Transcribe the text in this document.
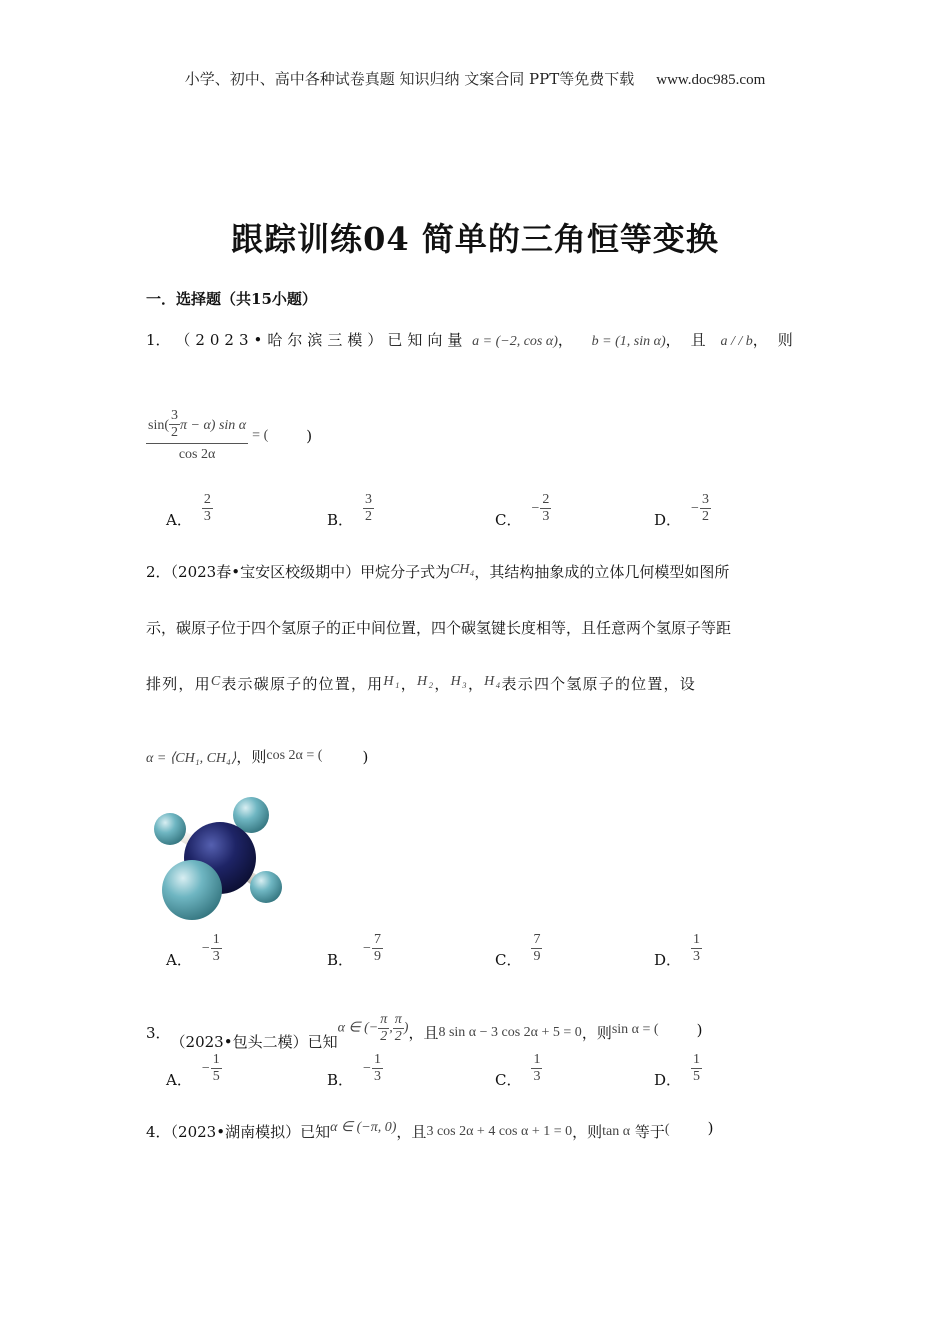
小学、初中、高中各种试卷真题 知识归纳 文案合同 PPT等免费下载 www.doc985.com
跟踪训练04 简单的三角恒等变换
一．选择题（共15小题）
1． （2023•哈尔滨三模）已知向量 a = (−2, cos α)， b = (1, sin α)，且 a / / b，则
$\frac{\sin( \frac{3}{2} \pi - \alpha) \sin \alpha}{\cos 2\alpha}$ = (	)
A． $\frac{2}{3}$	B． $\frac{3}{2}$	C．
− $\frac{2}{3}$	D．
− $\frac{3}{2}$
2．（2023春•宝安区校级期中）甲烷分子式为CH₄，其结构抽象成的立体几何模型如图所
示，碳原子位于四个氢原子的正中间位置，四个碳氢键长度相等，且任意两个氢原子等距
排列，用C表示碳原子的位置，用H₁，H₂，H₃，H₄表示四个氢原子的位置，设
α = ⟨CH₁, CH₄⟩，则cos 2α = (	)
A．
− $\frac{1}{3}$	B．
− $\frac{7}{9}$	C． $\frac{7}{9}$	D． $\frac{1}{3}$
3． （2023•包头二模）已知
α ∈ (− $\frac{\pi}{2}$ , $\frac{\pi}{2}$ ) ，且 8 sin α − 3 cos 2α + 5 = 0 ，则 sin α = (	)
A．
− $\frac{1}{5}$	B．
− $\frac{1}{3}$	C． $\frac{1}{3}$	D． $\frac{1}{5}$
4．（2023•湖南模拟）已知α ∈ (−π, 0)，且3 cos 2α + 4 cos α + 1 = 0，则tan α 等于(	)
